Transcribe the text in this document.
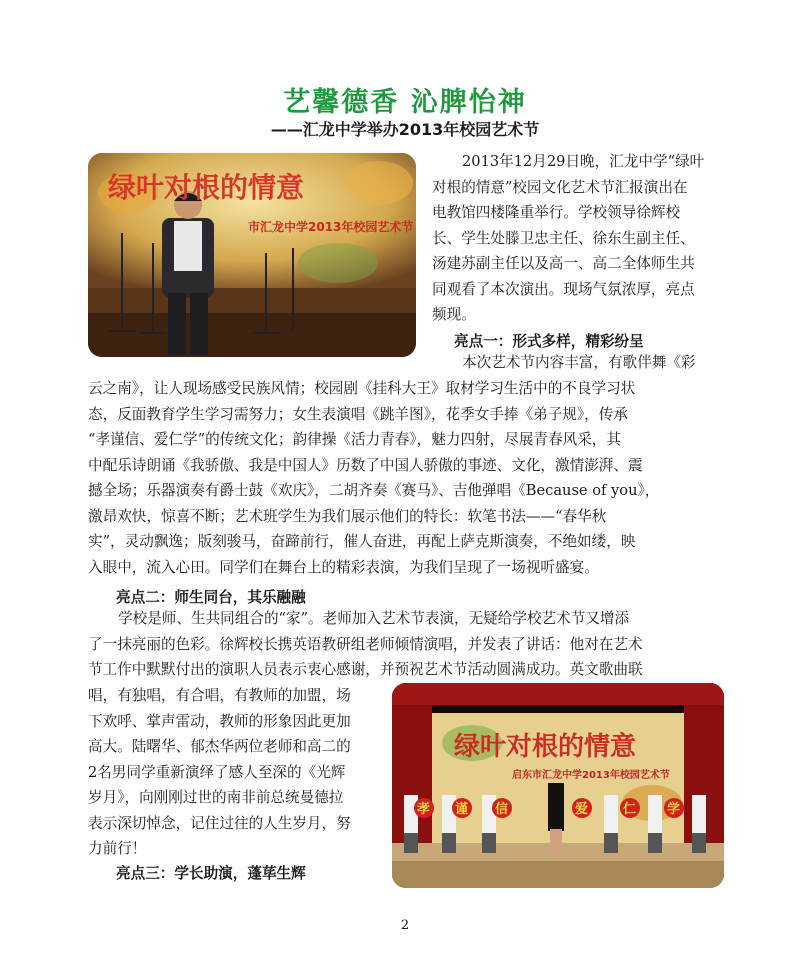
艺馨德香 沁脾怡神
——汇龙中学举办2013年校园艺术节
绿叶对根的情意
市汇龙中学2013年校园艺术节
2013年12月29日晚，汇龙中学“绿叶
对根的情意”校园文化艺术节汇报演出在
电教馆四楼隆重举行。学校领导徐辉校
长、学生处滕卫忠主任、徐东生副主任、
汤建苏副主任以及高一、高二全体师生共
同观看了本次演出。现场气氛浓厚，亮点
频现。
亮点一：形式多样，精彩纷呈
本次艺术节内容丰富，有歌伴舞《彩
云之南》，让人现场感受民族风情；校园剧《挂科大王》取材学习生活中的不良学习状
态，反面教育学生学习需努力；女生表演唱《跳羊图》，花季女手捧《弟子规》，传承
“孝谨信、爱仁学”的传统文化；韵律操《活力青春》，魅力四射，尽展青春风采，其
中配乐诗朗诵《我骄傲、我是中国人》历数了中国人骄傲的事迹、文化，激情澎湃、震
撼全场；乐器演奏有爵士鼓《欢庆》，二胡齐奏《赛马》、吉他弹唱《Because of you》，
激昂欢快，惊喜不断；艺术班学生为我们展示他们的特长：软笔书法——“春华秋
实”，灵动飘逸；版刻骏马，奋蹄前行，催人奋进，再配上萨克斯演奏，不绝如缕，映
入眼中，流入心田。同学们在舞台上的精彩表演，为我们呈现了一场视听盛宴。
亮点二：师生同台，其乐融融
学校是师、生共同组合的“家”。老师加入艺术节表演，无疑给学校艺术节又增添
了一抹亮丽的色彩。徐辉校长携英语教研组老师倾情演唱，并发表了讲话：他对在艺术
节工作中默默付出的演职人员表示衷心感谢，并预祝艺术节活动圆满成功。英文歌曲联
唱，有独唱，有合唱，有教师的加盟，场
下欢呼、掌声雷动，教师的形象因此更加
高大。陆曙华、郁杰华两位老师和高二的
2名男同学重新演绎了感人至深的《光辉
岁月》，向刚刚过世的南非前总统曼德拉
表示深切悼念，记住过往的人生岁月，努
力前行！
亮点三：学长助演，蓬荜生辉
绿叶对根的情意
启东市汇龙中学2013年校园艺术节
孝 谨 信	爱	仁 学
2
